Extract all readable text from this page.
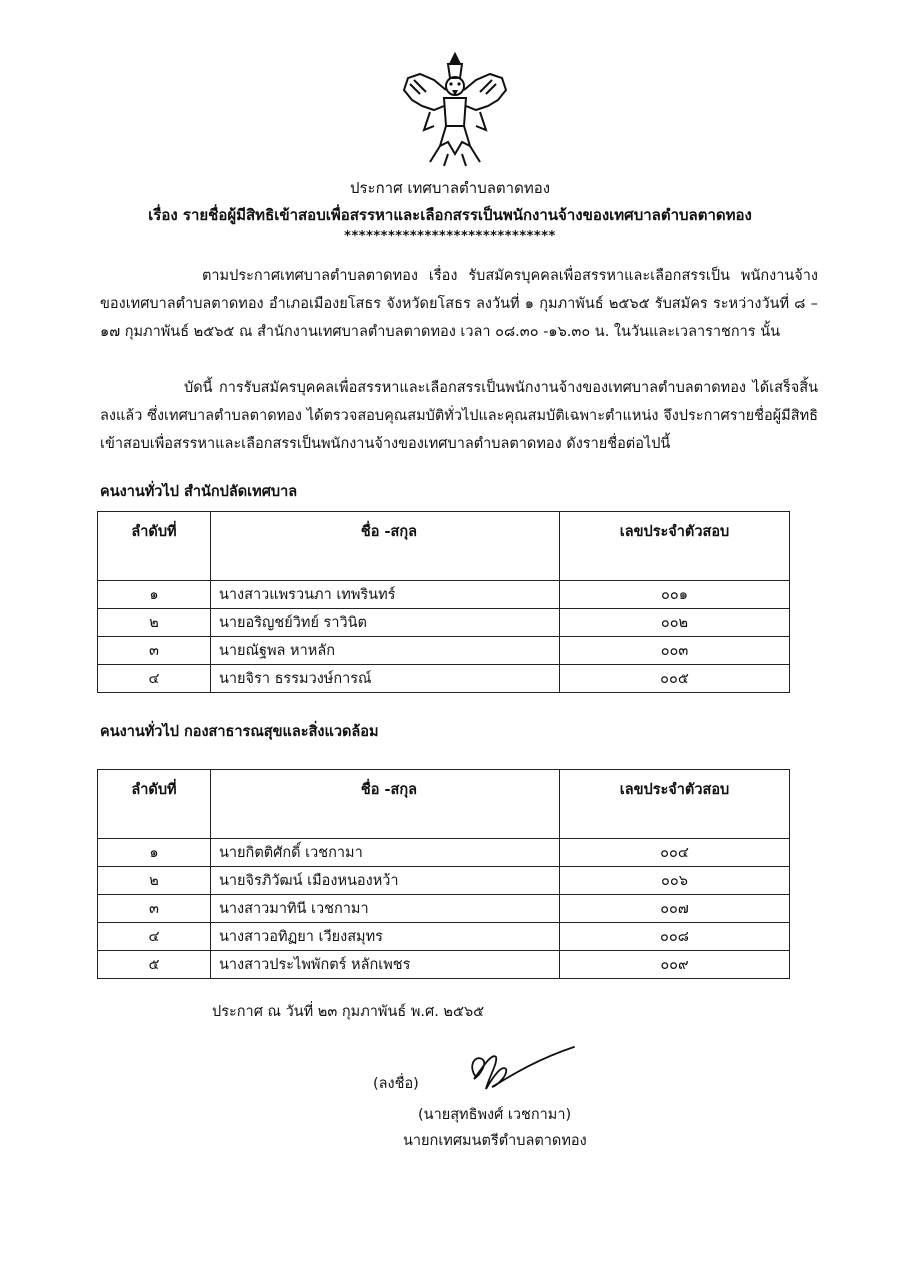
ประกาศ เทศบาลตำบลตาดทอง
เรื่อง รายชื่อผู้มีสิทธิเข้าสอบเพื่อสรรหาและเลือกสรรเป็นพนักงานจ้างของเทศบาลตำบลตาดทอง
*****************************
ตามประกาศเทศบาลตำบลตาดทอง เรื่อง รับสมัครบุคคลเพื่อสรรหาและเลือกสรรเป็น พนักงานจ้างของเทศบาลตำบลตาดทอง อำเภอเมืองยโสธร จังหวัดยโสธร ลงวันที่ ๑ กุมภาพันธ์ ๒๕๖๕ รับสมัคร ระหว่างวันที่ ๘ – ๑๗ กุมภาพันธ์ ๒๕๖๕ ณ สำนักงานเทศบาลตำบลตาดทอง เวลา ๐๘.๓๐ -๑๖.๓๐ น. ในวันและเวลาราชการ นั้น
บัดนี้ การรับสมัครบุคคลเพื่อสรรหาและเลือกสรรเป็นพนักงานจ้างของเทศบาลตำบลตาดทอง ได้เสร็จสิ้นลงแล้ว ซึ่งเทศบาลตำบลตาดทอง ได้ตรวจสอบคุณสมบัติทั่วไปและคุณสมบัติเฉพาะตำแหน่ง จึงประกาศรายชื่อผู้มีสิทธิเข้าสอบเพื่อสรรหาและเลือกสรรเป็นพนักงานจ้างของเทศบาลตำบลตาดทอง ดังรายชื่อต่อไปนี้
คนงานทั่วไป สำนักปลัดเทศบาล
ลำดับที่	ชื่อ -สกุล	เลขประจำตัวสอบ
๑	นางสาวแพรวนภา เทพรินทร์	๐๐๑
๒	นายอริญชย์วิทย์ ราวินิต	๐๐๒
๓	นายณัฐพล หาหลัก	๐๐๓
๔	นายจิรา ธรรมวงษ์การณ์	๐๐๕
คนงานทั่วไป กองสาธารณสุขและสิ่งแวดล้อม
ลำดับที่	ชื่อ -สกุล	เลขประจำตัวสอบ
๑	นายกิตติศักดิ์ เวชกามา	๐๐๔
๒	นายจิรภิวัฒน์ เมืองหนองหว้า	๐๐๖
๓	นางสาวมาทินี เวชกามา	๐๐๗
๔	นางสาวอทิฏยา เวียงสมุทร	๐๐๘
๕	นางสาวประไพพักตร์ หลักเพชร	๐๐๙
ประกาศ ณ วันที่ ๒๓ กุมภาพันธ์ พ.ศ. ๒๕๖๕
(ลงชื่อ)
(นายสุทธิพงศ์ เวชกามา)
นายกเทศมนตรีตำบลตาดทอง
